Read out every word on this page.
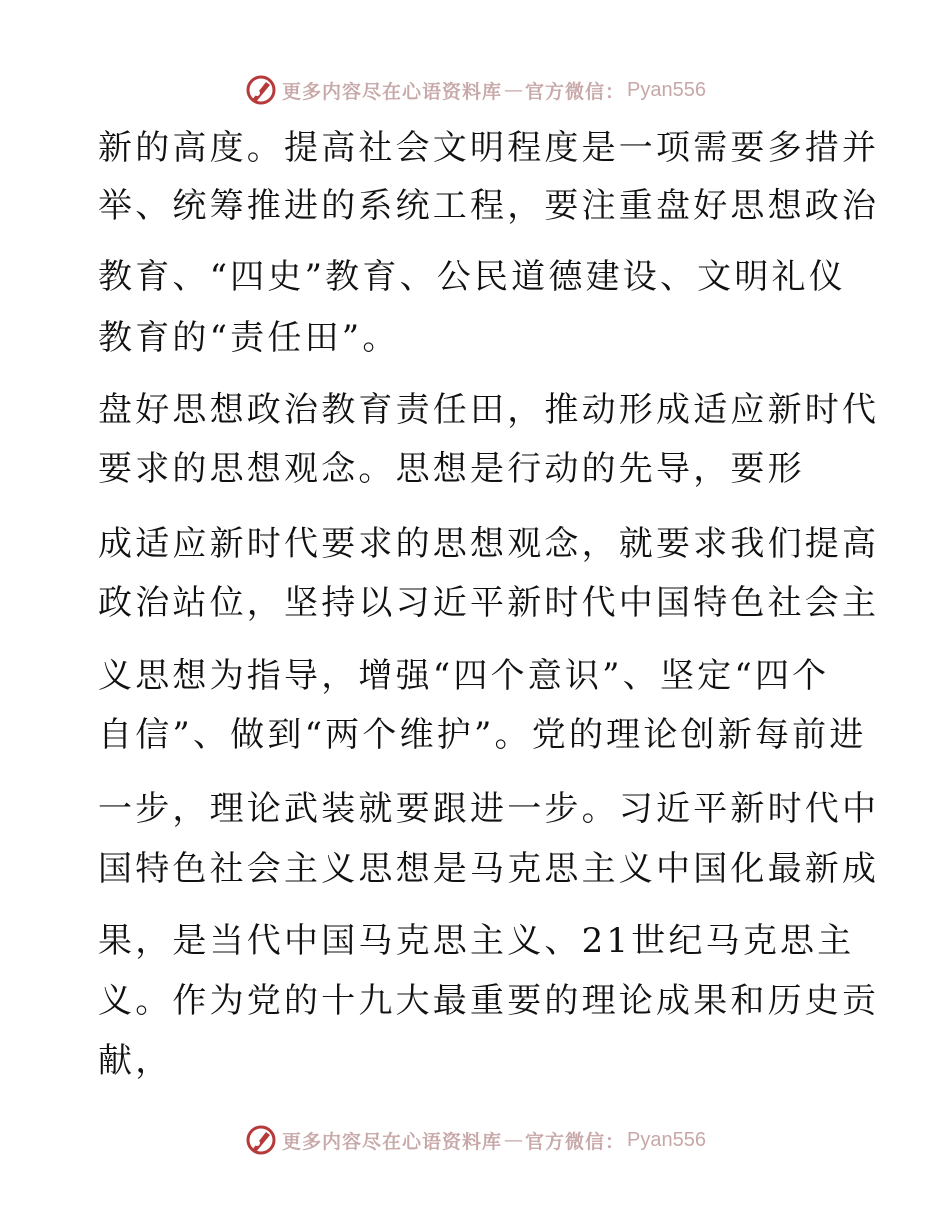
更多内容尽在心语资料库 — 官方微信： Pyan556
新的高度。提高社会文明程度是一项需要多措并
举、统筹推进的系统工程，要注重盘好思想政治
教育、“四史”教育、公民道德建设、文明礼仪
教育的“责任田”。
盘好思想政治教育责任田，推动形成适应新时代
要求的思想观念。思想是行动的先导，要形
成适应新时代要求的思想观念，就要求我们提高
政治站位，坚持以习近平新时代中国特色社会主
义思想为指导，增强“四个意识”、坚定“四个
自信”、做到“两个维护”。党的理论创新每前进
一步，理论武装就要跟进一步。习近平新时代中
国特色社会主义思想是马克思主义中国化最新成
果，是当代中国马克思主义、21世纪马克思主
义。作为党的十九大最重要的理论成果和历史贡
献，
更多内容尽在心语资料库 — 官方微信： Pyan556
